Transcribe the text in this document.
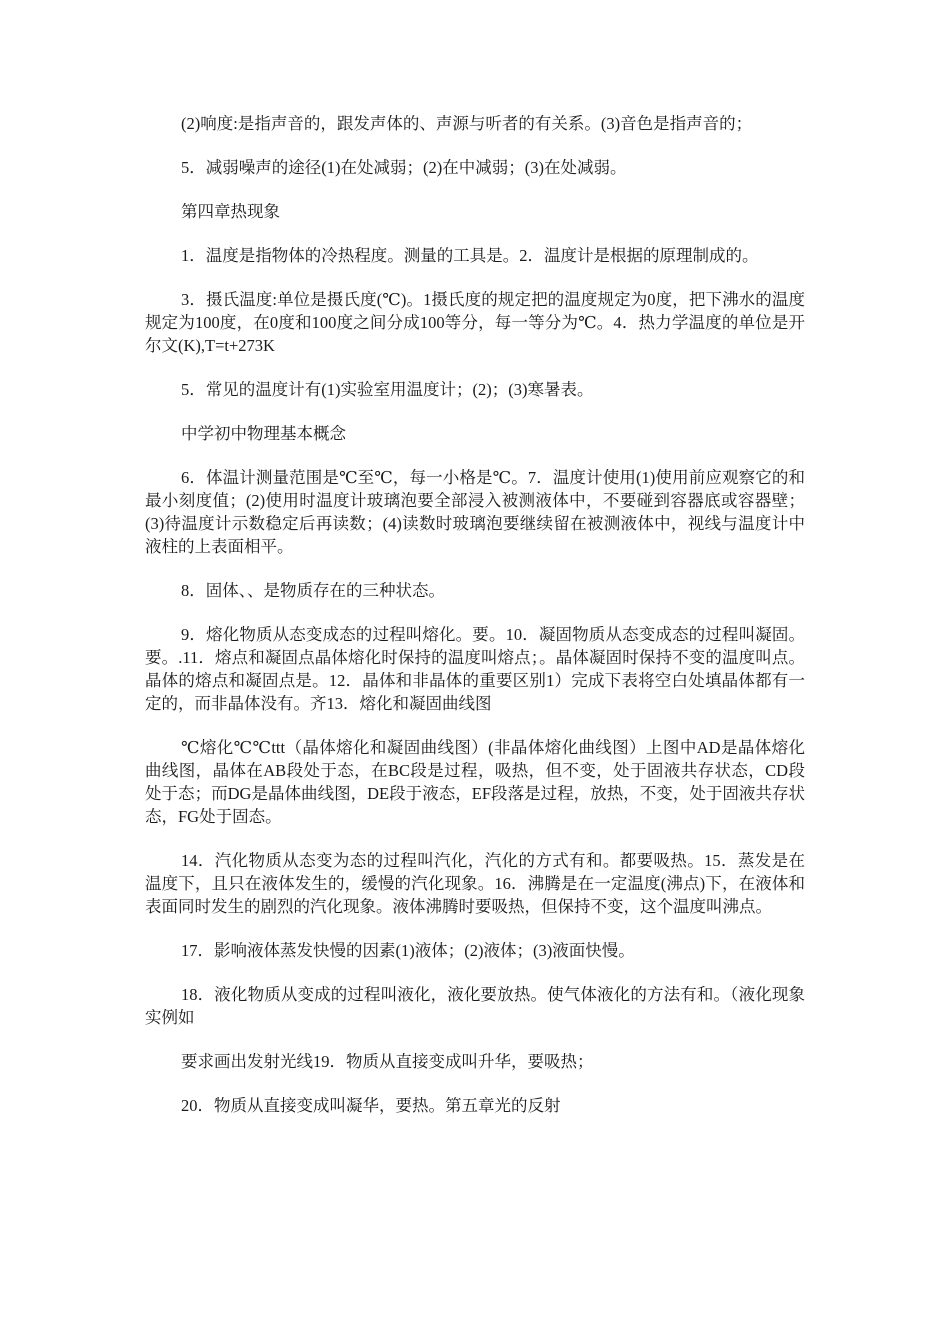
(2)响度:是指声音的，跟发声体的、声源与听者的有关系。(3)音色是指声音的；

5．减弱噪声的途径(1)在处减弱；(2)在中减弱；(3)在处减弱。

第四章热现象

1．温度是指物体的冷热程度。测量的工具是。2．温度计是根据的原理制成的。

3．摄氏温度:单位是摄氏度(℃)。1摄氏度的规定把的温度规定为0度，把下沸水的温度规定为100度，在0度和100度之间分成100等分，每一等分为℃。4．热力学温度的单位是开尔文(K),T=t+273K

5．常见的温度计有(1)实验室用温度计；(2)；(3)寒暑表。

中学初中物理基本概念

6．体温计测量范围是℃至℃，每一小格是℃。7．温度计使用(1)使用前应观察它的和最小刻度值；(2)使用时温度计玻璃泡要全部浸入被测液体中，不要碰到容器底或容器壁；(3)待温度计示数稳定后再读数；(4)读数时玻璃泡要继续留在被测液体中，视线与温度计中液柱的上表面相平。

8．固体、、是物质存在的三种状态。

9．熔化物质从态变成态的过程叫熔化。要。10．凝固物质从态变成态的过程叫凝固。要。.11．熔点和凝固点晶体熔化时保持的温度叫熔点；。晶体凝固时保持不变的温度叫点。晶体的熔点和凝固点是。12．晶体和非晶体的重要区别1）完成下表将空白处填晶体都有一定的，而非晶体没有。齐13．熔化和凝固曲线图

℃熔化℃℃ttt（晶体熔化和凝固曲线图）(非晶体熔化曲线图）上图中AD是晶体熔化曲线图，晶体在AB段处于态，在BC段是过程，吸热，但不变，处于固液共存状态，CD段处于态；而DG是晶体曲线图，DE段于液态，EF段落是过程，放热，不变，处于固液共存状态，FG处于固态。

14．汽化物质从态变为态的过程叫汽化，汽化的方式有和。都要吸热。15．蒸发是在温度下，且只在液体发生的，缓慢的汽化现象。16．沸腾是在一定温度(沸点)下，在液体和表面同时发生的剧烈的汽化现象。液体沸腾时要吸热，但保持不变，这个温度叫沸点。

17．影响液体蒸发快慢的因素(1)液体；(2)液体；(3)液面快慢。

18．液化物质从变成的过程叫液化，液化要放热。使气体液化的方法有和。（液化现象实例如

要求画出发射光线19．物质从直接变成叫升华，要吸热；

20．物质从直接变成叫凝华，要热。第五章光的反射
